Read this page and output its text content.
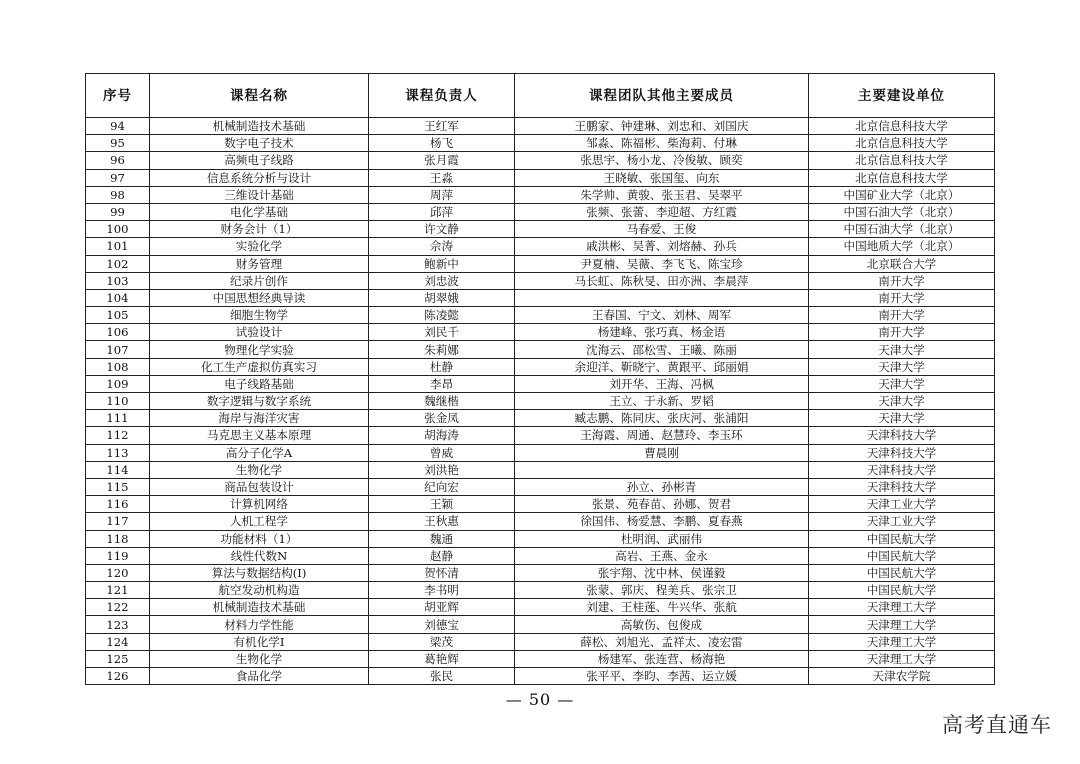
序号	课程名称	课程负责人	课程团队其他主要成员	主要建设单位
94	机械制造技术基础	王红军	王鹏家、钟建琳、刘忠和、刘国庆	北京信息科技大学
95	数字电子技术	杨飞	邹淼、陈福彬、柴海莉、付琳	北京信息科技大学
96	高频电子线路	张月霞	张思宇、杨小龙、冷俊敏、顾奕	北京信息科技大学
97	信息系统分析与设计	王淼	王晓敏、张国玺、向东	北京信息科技大学
98	三维设计基础	周萍	朱学帅、黄骏、张玉君、吴翠平	中国矿业大学（北京）
99	电化学基础	邱萍	张频、张蕾、李迎超、方红霞	中国石油大学（北京）
100	财务会计（1）	许文静	马春爱、王俊	中国石油大学（北京）
101	实验化学	佘涛	戚洪彬、吴菁、刘熔赫、孙兵	中国地质大学（北京）
102	财务管理	鲍新中	尹夏楠、吴薇、李飞飞、陈宝珍	北京联合大学
103	纪录片创作	刘忠波	马长虹、陈秋旻、田亦洲、李晨萍	南开大学
104	中国思想经典导读	胡翠娥		南开大学
105	细胞生物学	陈凌懿	王春国、宁文、刘林、周军	南开大学
106	试验设计	刘民千	杨建峰、张巧真、杨金语	南开大学
107	物理化学实验	朱莉娜	沈海云、邵松雪、王曦、陈丽	天津大学
108	化工生产虚拟仿真实习	杜静	余迎洋、靳晓宁、黄跟平、邱丽娟	天津大学
109	电子线路基础	李昂	刘开华、王海、冯枫	天津大学
110	数字逻辑与数字系统	魏继楷	王立、于永新、罗韬	天津大学
111	海岸与海洋灾害	张金凤	臧志鹏、陈同庆、张庆河、张浦阳	天津大学
112	马克思主义基本原理	胡海涛	王海霞、周通、赵慧玲、李玉环	天津科技大学
113	高分子化学A	曾威	曹晨刚	天津科技大学
114	生物化学	刘洪艳		天津科技大学
115	商品包装设计	纪向宏	孙立、孙彬青	天津科技大学
116	计算机网络	王颖	张景、苑春苗、孙娜、贺君	天津工业大学
117	人机工程学	王秋惠	徐国伟、杨爱慧、李鹏、夏春燕	天津工业大学
118	功能材料（1）	魏通	杜明润、武丽伟	中国民航大学
119	线性代数N	赵静	高岩、王燕、金永	中国民航大学
120	算法与数据结构(I)	贺怀清	张宇翔、沈中林、侯谨毅	中国民航大学
121	航空发动机构造	李书明	张蒙、郭庆、程美兵、张宗卫	中国民航大学
122	机械制造技术基础	胡亚辉	刘建、王桂莲、牛兴华、张航	天津理工大学
123	材料力学性能	刘德宝	高敏伤、包俊成	天津理工大学
124	有机化学Ⅰ	梁茂	薛松、刘旭光、孟祥太、凌宏雷	天津理工大学
125	生物化学	葛艳辉	杨建军、张连营、杨海艳	天津理工大学
126	食品化学	张民	张平平、李昀、李茜、运立媛	天津农学院
— 50 —
高考直通车
